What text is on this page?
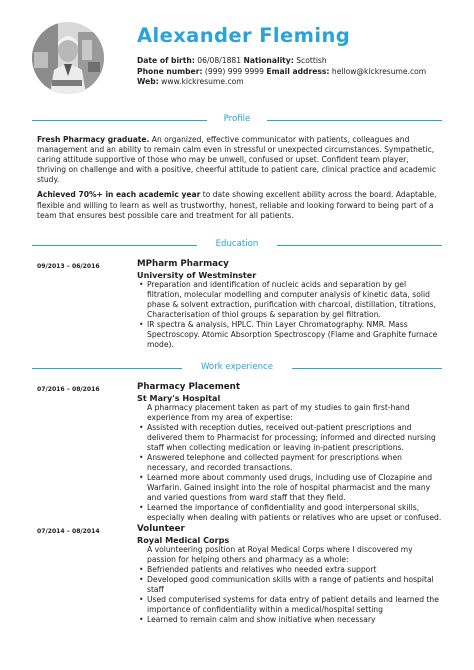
Alexander Fleming
Date of birth: 06/08/1881 Nationality: Scottish
Phone number: (999) 999 9999 Email address: hellow@kickresume.com
Web: www.kickresume.com
Profile

Fresh Pharmacy graduate. An organized, effective communicator with patients, colleagues and management and an ability to remain calm even in stressful or unexpected circumstances. Sympathetic, caring attitude supportive of those who may be unwell, confused or upset. Confident team player, thriving on challenge and with a positive, cheerful attitude to patient care, clinical practice and academic study.

Achieved 70%+ in each academic year to date showing excellent ability across the board. Adaptable, flexible and willing to learn as well as trustworthy, honest, reliable and looking forward to being part of a team that ensures best possible care and treatment for all patients.

Education
09/2013 – 06/2016	MPharm Pharmacy
University of Westminster
• Preparation and identification of nucleic acids and separation by gel filtration, molecular modelling and computer analysis of kinetic data, solid phase & solvent extraction, purification with charcoal, distillation, titrations, Characterisation of thiol groups & separation by gel filtration.
• IR spectra & analysis, HPLC. Thin Layer Chromatography. NMR. Mass Spectroscopy. Atomic Absorption Spectroscopy (Flame and Graphite furnace mode).
Work experience
07/2016 – 08/2016	Pharmacy Placement
St Mary's Hospital
A pharmacy placement taken as part of my studies to gain first-hand experience from my area of expertise:
• Assisted with reception duties, received out-patient prescriptions and delivered them to Pharmacist for processing; informed and directed nursing staff when collecting medication or leaving in-patient prescriptions.
• Answered telephone and collected payment for prescriptions when necessary, and recorded transactions.
• Learned more about commonly used drugs, including use of Clozapine and Warfarin. Gained insight into the role of hospital pharmacist and the many and varied questions from ward staff that they field.
• Learned the importance of confidentiality and good interpersonal skills, especially when dealing with patients or relatives who are upset or confused.
07/2014 – 08/2014	Volunteer
Royal Medical Corps
A volunteering position at Royal Medical Corps where I discovered my passion for helping others and pharmacy as a whole:
• Befriended patients and relatives who needed extra support
• Developed good communication skills with a range of patients and hospital staff
• Used computerised systems for data entry of patient details and learned the importance of confidentiality within a medical/hospital setting
• Learned to remain calm and show initiative when necessary
